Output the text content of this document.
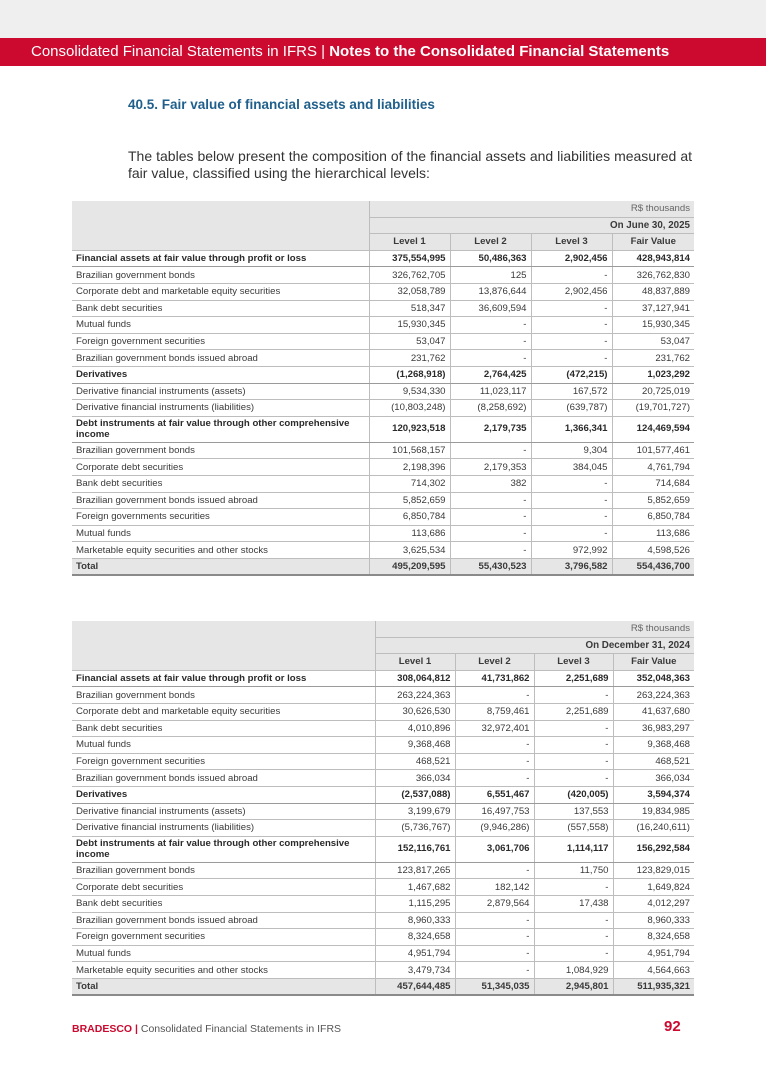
Consolidated Financial Statements in IFRS | Notes to the Consolidated Financial Statements
40.5. Fair value of financial assets and liabilities
The tables below present the composition of the financial assets and liabilities measured at fair value, classified using the hierarchical levels:
	R$ thousands			
	On June 30, 2025			
	Level 1	Level 2	Level 3	Fair Value
Financial assets at fair value through profit or loss	375,554,995	50,486,363	2,902,456	428,943,814
Brazilian government bonds	326,762,705	125	-	326,762,830
Corporate debt and marketable equity securities	32,058,789	13,876,644	2,902,456	48,837,889
Bank debt securities	518,347	36,609,594	-	37,127,941
Mutual funds	15,930,345	-	-	15,930,345
Foreign government securities	53,047	-	-	53,047
Brazilian government bonds issued abroad	231,762	-	-	231,762
Derivatives	(1,268,918)	2,764,425	(472,215)	1,023,292
Derivative financial instruments (assets)	9,534,330	11,023,117	167,572	20,725,019
Derivative financial instruments (liabilities)	(10,803,248)	(8,258,692)	(639,787)	(19,701,727)
Debt instruments at fair value through other comprehensive income	120,923,518	2,179,735	1,366,341	124,469,594
Brazilian government bonds	101,568,157	-	9,304	101,577,461
Corporate debt securities	2,198,396	2,179,353	384,045	4,761,794
Bank debt securities	714,302	382	-	714,684
Brazilian government bonds issued abroad	5,852,659	-	-	5,852,659
Foreign governments securities	6,850,784	-	-	6,850,784
Mutual funds	113,686	-	-	113,686
Marketable equity securities and other stocks	3,625,534	-	972,992	4,598,526
Total	495,209,595	55,430,523	3,796,582	554,436,700
	R$ thousands			
	On December 31, 2024			
	Level 1	Level 2	Level 3	Fair Value
Financial assets at fair value through profit or loss	308,064,812	41,731,862	2,251,689	352,048,363
Brazilian government bonds	263,224,363	-	-	263,224,363
Corporate debt and marketable equity securities	30,626,530	8,759,461	2,251,689	41,637,680
Bank debt securities	4,010,896	32,972,401	-	36,983,297
Mutual funds	9,368,468	-	-	9,368,468
Foreign government securities	468,521	-	-	468,521
Brazilian government bonds issued abroad	366,034	-	-	366,034
Derivatives	(2,537,088)	6,551,467	(420,005)	3,594,374
Derivative financial instruments (assets)	3,199,679	16,497,753	137,553	19,834,985
Derivative financial instruments (liabilities)	(5,736,767)	(9,946,286)	(557,558)	(16,240,611)
Debt instruments at fair value through other comprehensive income	152,116,761	3,061,706	1,114,117	156,292,584
Brazilian government bonds	123,817,265	-	11,750	123,829,015
Corporate debt securities	1,467,682	182,142	-	1,649,824
Bank debt securities	1,115,295	2,879,564	17,438	4,012,297
Brazilian government bonds issued abroad	8,960,333	-	-	8,960,333
Foreign government securities	8,324,658	-	-	8,324,658
Mutual funds	4,951,794	-	-	4,951,794
Marketable equity securities and other stocks	3,479,734	-	1,084,929	4,564,663
Total	457,644,485	51,345,035	2,945,801	511,935,321
BRADESCO | Consolidated Financial Statements in IFRS	92
